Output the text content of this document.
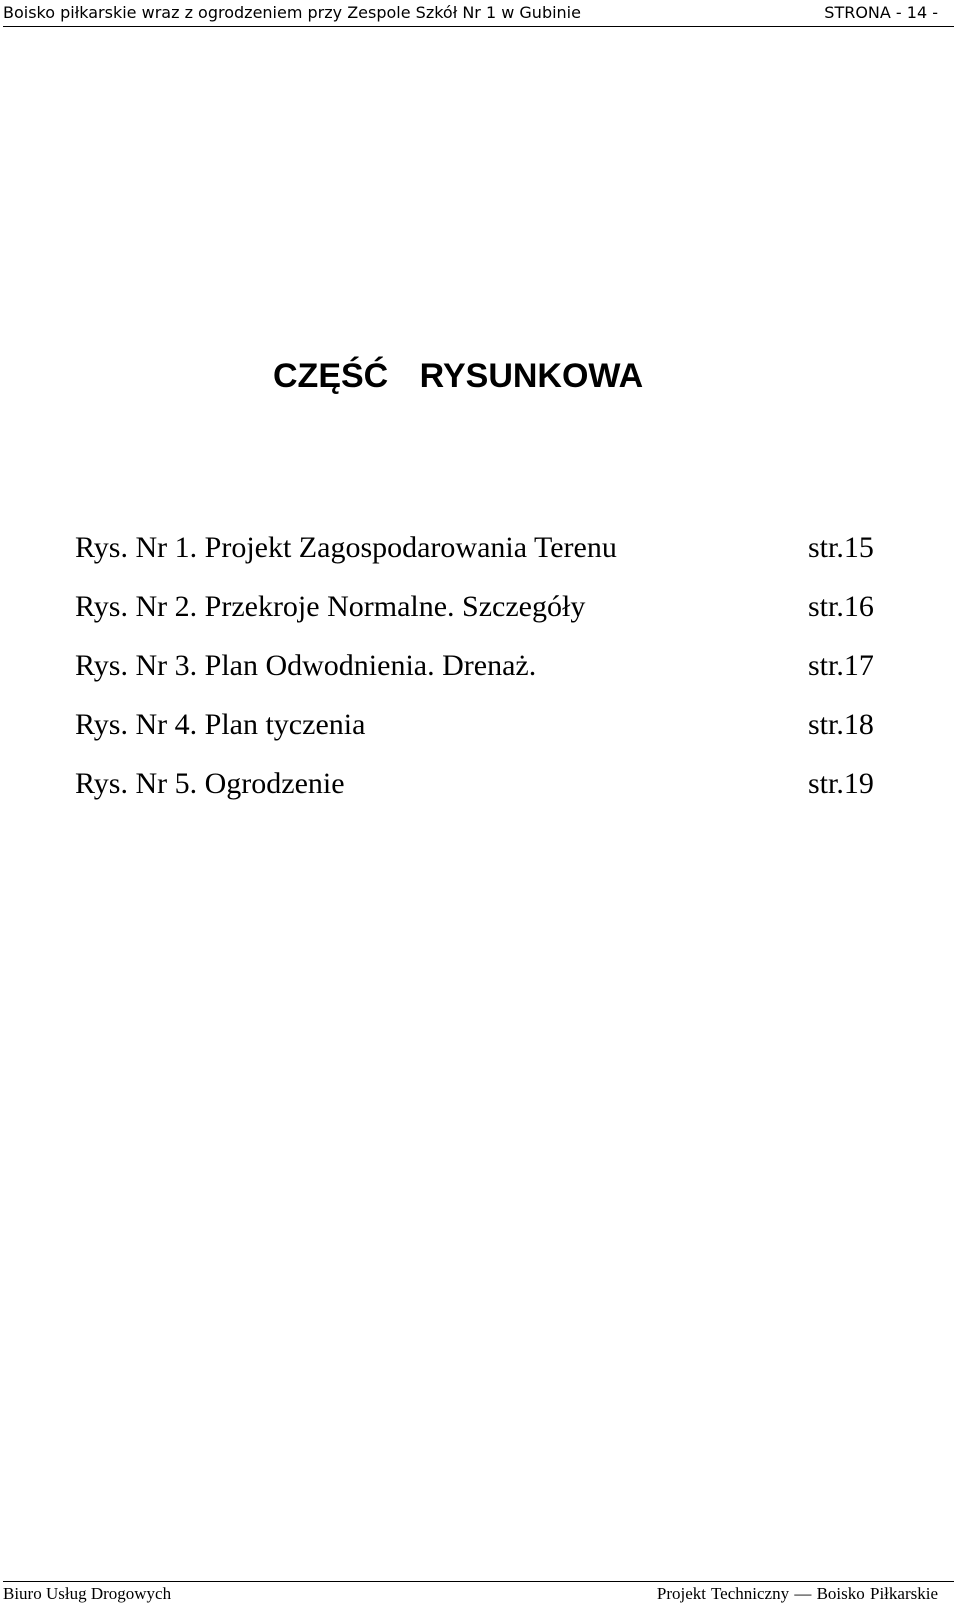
Boisko piłkarskie wraz z ogrodzeniem przy Zespole Szkół Nr 1 w Gubinie	STRONA - 14 -
CZĘŚĆ RYSUNKOWA
Rys. Nr 1. Projekt Zagospodarowania Terenu	str.15
Rys. Nr 2. Przekroje Normalne. Szczegóły	str.16
Rys. Nr 3. Plan Odwodnienia. Drenaż.	str.17
Rys. Nr 4. Plan tyczenia	str.18
Rys. Nr 5. Ogrodzenie	str.19
Biuro Usług Drogowych	Projekt Techniczny — Boisko Piłkarskie
